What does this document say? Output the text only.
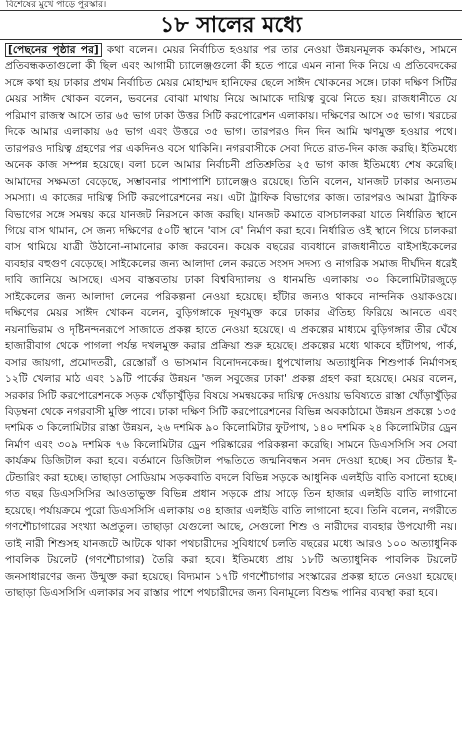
বিশেষের মুখে পাড়ে পুরস্কার।
১৮ সালের মধ্যে

[পেছনের পৃষ্ঠার পর] কথা বলেন। মেয়র নির্বাচিত হওয়ার পর তার নেওয়া উন্নয়নমূলক কর্মকাণ্ড, সামনে প্রতিবন্ধকতাগুলো কী ছিল এবং আগামী চ্যালেঞ্জগুলো কী হতে পারে এমন নানা দিক নিয়ে এ প্রতিবেদকের সঙ্গে কথা হয় ঢাকার প্রথম নির্বাচিত মেয়র মোহাম্মদ হানিফের ছেলে সাঈদ খোকনের সঙ্গে। ঢাকা দক্ষিণ সিটির মেয়র সাঈদ খোকন বলেন, ভবনের বোঝা মাথায় নিয়ে আমাকে দায়িত্ব বুঝে নিতে হয়। রাজধানীতে যে পরিমাণ রাজস্ব আসে তার ৬৫ ভাগ ঢাকা উত্তর সিটি করপোরেশন এলাকায়। দক্ষিণের আসে ৩৫ ভাগ। খরচের দিকে আমার এলাকায় ৬৫ ভাগ এবং উত্তরে ৩৫ ভাগ। তারপরও দিন দিন আমি ঋণমুক্ত হওয়ার পথে। তারপরও দায়িত্ব গ্রহণের পর একদিনও বসে থাকিনি। নগরবাসীকে সেবা দিতে রাত-দিন কাজ করছি। ইতিমধ্যে অনেক কাজ সম্পন্ন হয়েছে। বলা চলে আমার নির্বাচনী প্রতিশ্রুতির ২৫ ভাগ কাজ ইতিমধ্যে শেষ করেছি। আমাদের সক্ষমতা বেড়েছে, সম্ভাবনার পাশাপাশি চ্যালেঞ্জও রয়েছে। তিনি বলেন, যানজট ঢাকার অন্যতম সমস্যা। এ কাজের দায়িত্ব সিটি করপোরেশনের নয়। এটা ট্রাফিক বিভাগের কাজ। তারপরও আমরা ট্রাফিক বিভাগের সঙ্গে সমন্বয় করে যানজট নিরসনে কাজ করছি। যানজট কমাতে বাসচালকরা যাতে নির্ধারিত স্থানে গিয়ে বাস থামান, সে জন্য দক্ষিণের ৫০টি স্থানে 'বাস বে' নির্মাণ করা হবে। নির্ধারিত ওই স্থানে গিয়ে চালকরা বাস থামিয়ে যাত্রী উঠানো-নামানোর কাজ করবেন। কয়েক বছরের ব্যবধানে রাজধানীতে বাইসাইকেলের ব্যবহার বহুগুণ বেড়েছে। সাইকেলের জন্য আলাদা লেন করতে সংসদ সদস্য ও নাগরিক সমাজ দীর্ঘদিন ধরেই দাবি জানিয়ে আসছে। এসব বাস্তবতায় ঢাকা বিশ্ববিদ্যালয় ও ধানমন্ডি এলাকায় ৩০ কিলোমিটারজুড়ে সাইকেলের জন্য আলাদা লেনের পরিকল্পনা নেওয়া হয়েছে। হাঁটার জন্যও থাকবে নান্দনিক ওয়াকওয়ে। দক্ষিণের মেয়র সাঈদ খোকন বলেন, বুড়িগঙ্গাকে দূষণমুক্ত করে ঢাকার ঐতিহ্য ফিরিয়ে আনতে এবং নয়নাভিরাম ও দৃষ্টিনন্দনরূপে সাজাতে প্রকল্প হাতে নেওয়া হয়েছে। এ প্রকল্পের মাধ্যমে বুড়িগঙ্গার তীর ঘেঁষে হাজারীবাগ থেকে পাগলা পর্যন্ত দখলমুক্ত করার প্রক্রিয়া শুরু হয়েছে। প্রকল্পের মধ্যে থাকবে হাঁটাপথ, পার্ক, বসার জায়গা, প্রমোদতরী, রেস্তোরাঁ ও ভাসমান বিনোদনকেন্দ্র। ধুপখোলায় অত্যাধুনিক শিশুপার্ক নির্মাণসহ ১২টি খেলার মাঠ এবং ১৯টি পার্কের উন্নয়ন 'জল সবুজের ঢাকা' প্রকল্প গ্রহণ করা হয়েছে। মেয়র বলেন, সরকার সিটি করপোরেশনকে সড়ক খোঁড়াখুঁড়ির বিষয়ে সমন্বয়কের দায়িত্ব দেওয়ায় ভবিষ্যতে রাস্তা খোঁড়াখুঁড়ির বিড়ম্বনা থেকে নগরবাসী মুক্তি পাবে। ঢাকা দক্ষিণ সিটি করপোরেশনের বিভিন্ন অবকাঠামো উন্নয়ন প্রকল্পে ১৩৫ দশমিক ৩ কিলোমিটার রাস্তা উন্নয়ন, ২৬ দশমিক ৯০ কিলোমিটার ফুটপাথ, ১৪০ দশমিক ২৪ কিলোমিটার ড্রেন নির্মাণ এবং ৩০৯ দশমিক ৭৬ কিলোমিটার ড্রেন পরিষ্কারের পরিকল্পনা করেছি। সামনে ডিএসসিসি সব সেবা কার্যক্রম ডিজিটাল করা হবে। বর্তমানে ডিজিটাল পদ্ধতিতে জন্মনিবন্ধন সনদ দেওয়া হচ্ছে। সব টেন্ডার ই-টেন্ডারিং করা হচ্ছে। তাছাড়া সোডিয়াম সড়কবাতি বদলে বিভিন্ন সড়কে আধুনিক এলইডি বাতি বসানো হচ্ছে। গত বছর ডিএসসিসির আওতাভুক্ত বিভিন্ন প্রধান সড়কে প্রায় সাড়ে তিন হাজার এলইডি বাতি লাগানো হয়েছে। পর্যায়ক্রমে পুরো ডিএসসিসি এলাকায় ৩৪ হাজার এলইডি বাতি লাগানো হবে। তিনি বলেন, নগরীতে গণশৌচাগারের সংখ্যা অপ্রতুল। তাছাড়া যেগুলো আছে, সেগুলো শিশু ও নারীদের ব্যবহার উপযোগী নয়। তাই নারী শিশুসহ যানজটে আটকে থাকা পথচারীদের সুবিধার্থে চলতি বছরের মধ্যে আরও ১০০ অত্যাধুনিক পাবলিক টয়লেট (গণশৌচাগার) তৈরি করা হবে। ইতিমধ্যে প্রায় ১৮টি অত্যাধুনিক পাবলিক টয়লেট জনসাধারণের জন্য উন্মুক্ত করা হয়েছে। বিদ্যমান ১৭টি গণশৌচাগার সংস্কারের প্রকল্প হাতে নেওয়া হয়েছে। তাছাড়া ডিএসসিসি এলাকার সব রাস্তার পাশে পথচারীদের জন্য বিনামূল্যে বিশুদ্ধ পানির ব্যবস্থা করা হবে।
